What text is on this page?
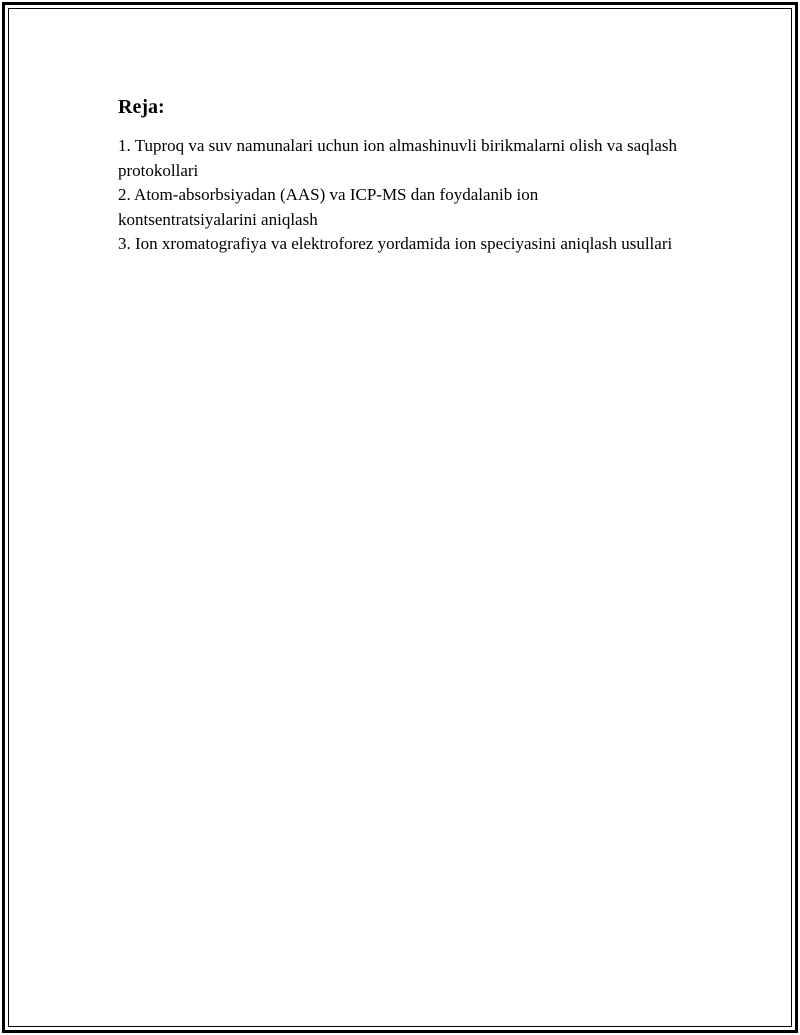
Reja:
1. Tuproq va suv namunalari uchun ion almashinuvli birikmalarni olish va saqlash protokollari
2. Atom-absorbsiyadan (AAS) va ICP-MS dan foydalanib ion kontsentratsiyalarini aniqlash
3. Ion xromatografiya va elektroforez yordamida ion speciyasini aniqlash usullari
